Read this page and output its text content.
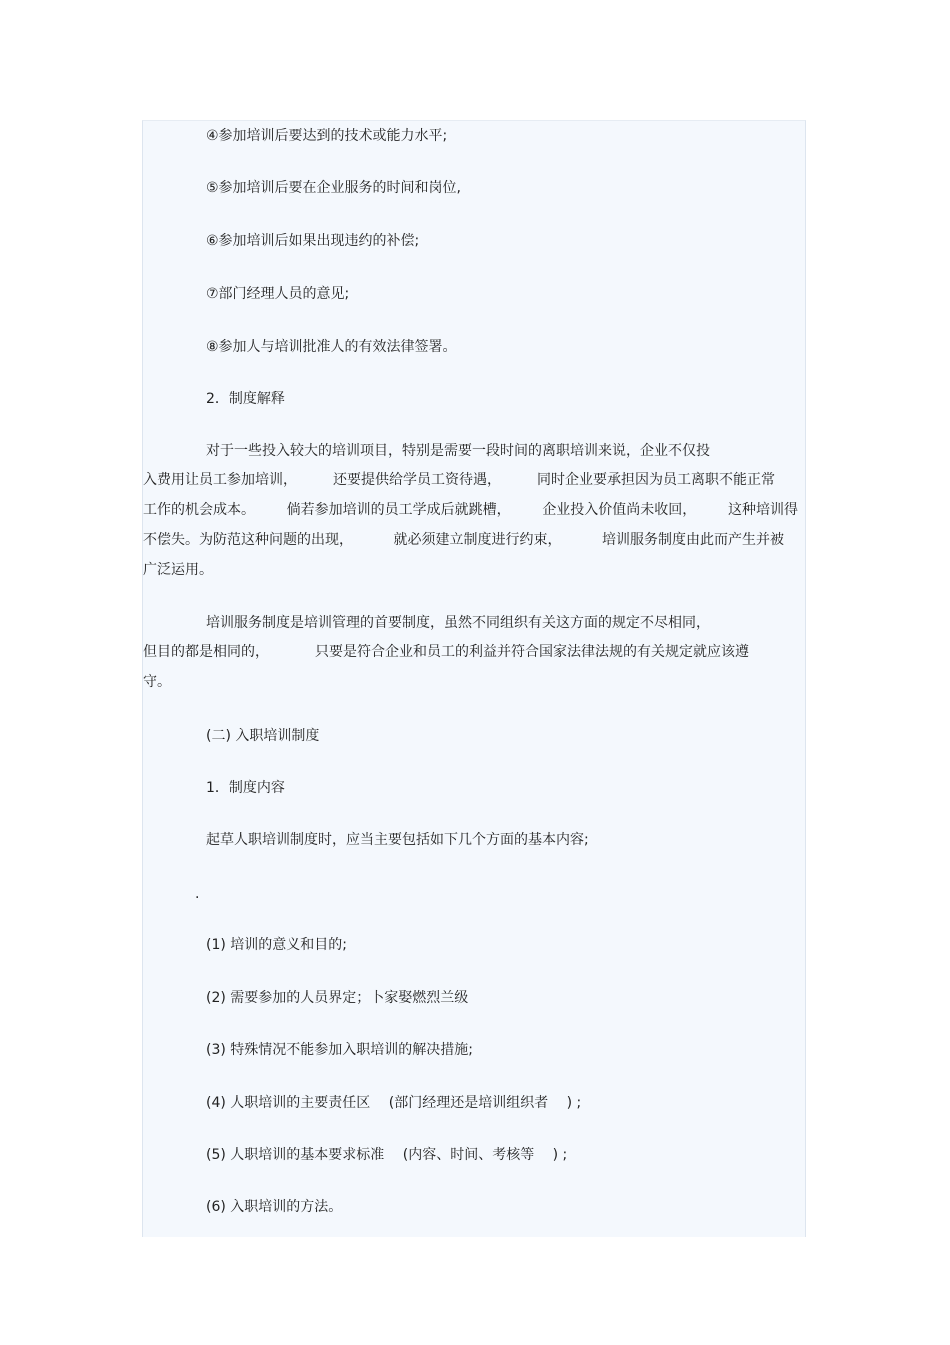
④参加培训后要达到的技术或能力水平;
⑤参加培训后要在企业服务的时间和岗位,
⑥参加培训后如果出现违约的补偿;
⑦部门经理人员的意见;
⑧参加人与培训批准人的有效法律签署。
2．制度解释
对于一些投入较大的培训项目，特别是需要一段时间的离职培训来说，企业不仅投
入费用让员工参加培训，	还要提供给学员工资待遇，	同时企业要承担因为员工离职不能正常
工作的机会成本。 倘若参加培训的员工学成后就跳槽， 企业投入价值尚未收回， 这种培训得
不偿失。为防范这种问题的出现，	就必须建立制度进行约束，	培训服务制度由此而产生并被
广泛运用。
培训服务制度是培训管理的首要制度，虽然不同组织有关这方面的规定不尽相同，
但目的都是相同的，	只要是符合企业和员工的利益并符合国家法律法规的有关规定就应该遵
守。
(二) 入职培训制度
1．制度内容
起草人职培训制度时，应当主要包括如下几个方面的基本内容;
.
(1) 培训的意义和目的;
(2) 需要参加的人员界定；卜家娶燃烈兰级
(3) 特殊情况不能参加入职培训的解决措施;
(4) 人职培训的主要责任区　 (部门经理还是培训组织者　 ) ;
(5) 人职培训的基本要求标准　 (内容、时间、考核等　 ) ;
(6) 入职培训的方法。
